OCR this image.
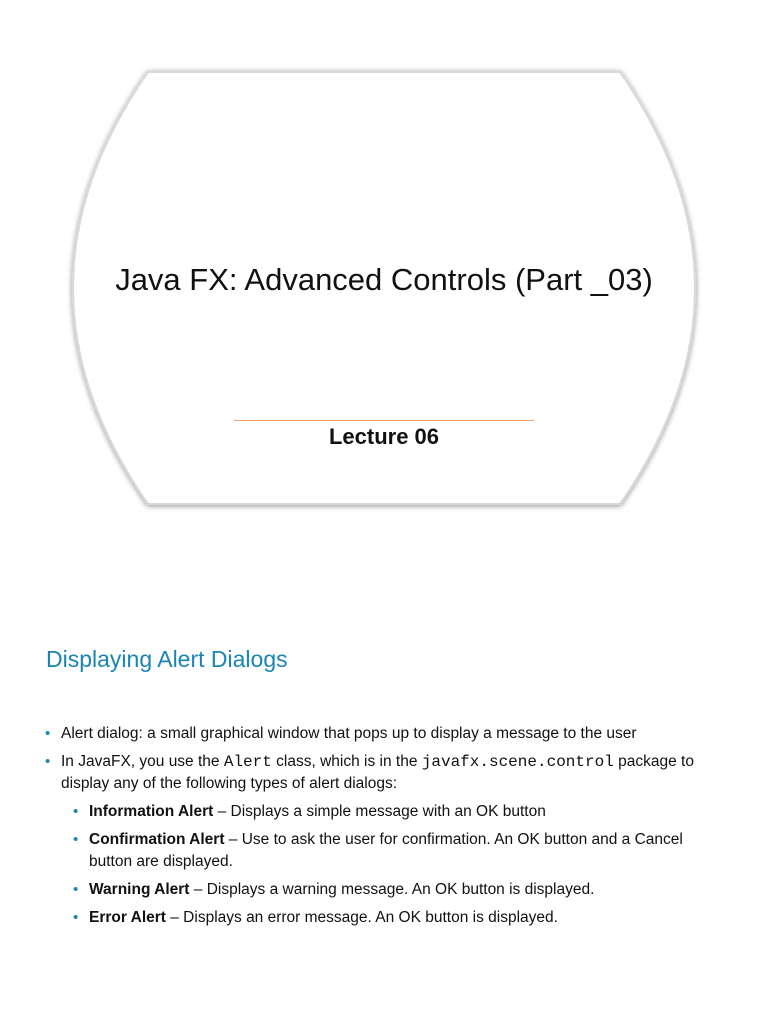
Java FX: Advanced Controls (Part _03)
Lecture 06
Displaying Alert Dialogs
• Alert dialog: a small graphical window that pops up to display a message to the user
• In JavaFX, you use the Alert class, which is in the javafx.scene.control package to display any of the following types of alert dialogs:
• Information Alert – Displays a simple message with an OK button
• Confirmation Alert – Use to ask the user for confirmation. An OK button and a Cancel button are displayed.
• Warning Alert – Displays a warning message. An OK button is displayed.
• Error Alert – Displays an error message. An OK button is displayed.
